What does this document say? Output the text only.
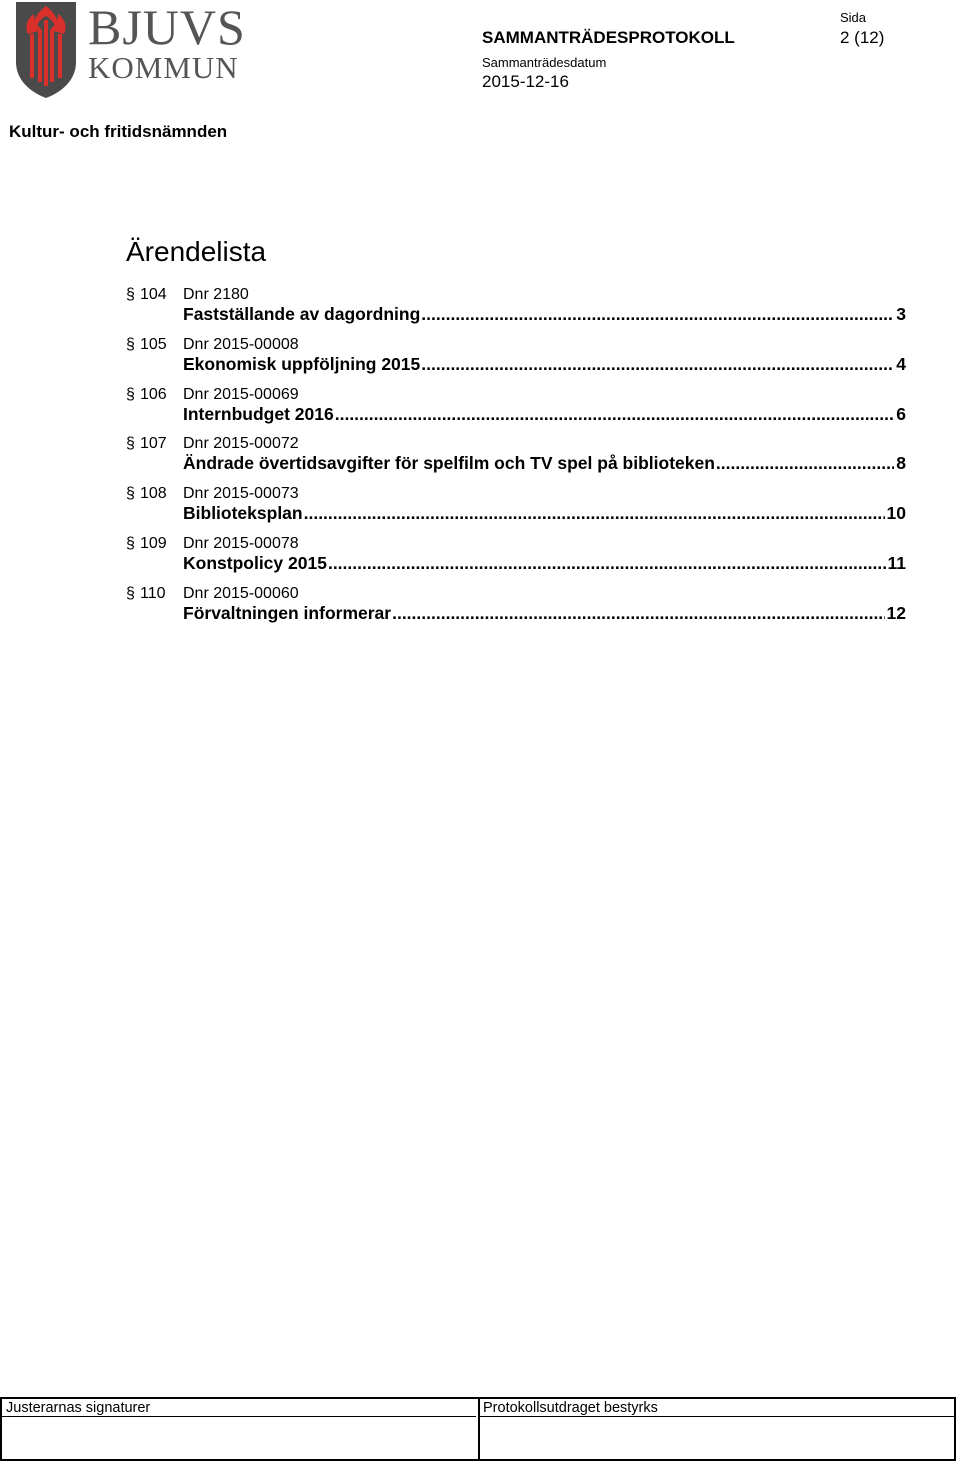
BJUVS
KOMMUN
Sida
SAMMANTRÄDESPROTOKOLL	2 (12)
Sammanträdesdatum
2015-12-16
Kultur- och fritidsnämnden
Ärendelista
§ 104 Dnr 2180
Fastställande av dagordning .....	3
§ 105 Dnr 2015-00008
Ekonomisk uppföljning 2015 .....	4
§ 106 Dnr 2015-00069
Internbudget 2016 .....	6
§ 107 Dnr 2015-00072
Ändrade övertidsavgifter för spelfilm och TV spel på biblioteken .....	8
§ 108 Dnr 2015-00073
Biblioteksplan .....	10
§ 109 Dnr 2015-00078
Konstpolicy 2015 .....	11
§ 110 Dnr 2015-00060
Förvaltningen informerar .....	12
Justerarnas signaturer	Protokollsutdraget bestyrks
